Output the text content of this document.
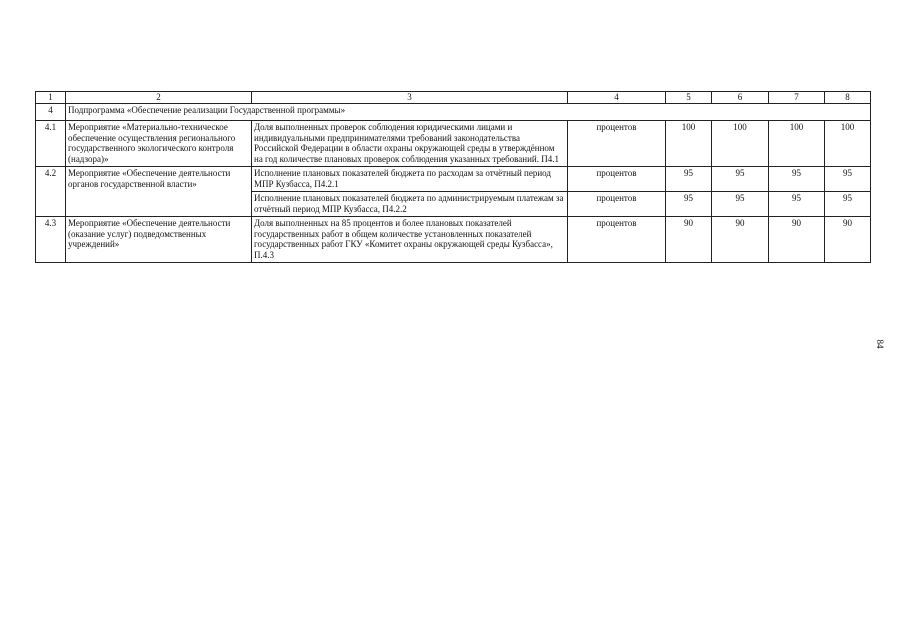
1	2	3	4	5	6	7	8
4	Подпрограмма «Обеспечение реализации Государственной программы»						
4.1	Мероприятие «Материально-техническое обеспечение осуществления регионального государственного экологического контроля (надзора)»	Доля выполненных проверок соблюдения юридическими лицами и индивидуальными предпринимателями требований законодательства Российской Федерации в области охраны окружающей среды в утверждённом на год количестве плановых проверок соблюдения указанных требований. П4.1	процентов	100	100	100	100
4.2	Мероприятие «Обеспечение деятельности органов государственной власти»	Исполнение плановых показателей бюджета по расходам за отчётный период МПР Кузбасса, П4.2.1	процентов	95	95	95	95
		Исполнение плановых показателей бюджета по администрируемым платежам за отчётный период МПР Кузбасса, П4.2.2	процентов	95	95	95	95
4.3	Мероприятие «Обеспечение деятельности (оказание услуг) подведомственных учреждений»	Доля выполненных на 85 процентов и более плановых показателей государственных работ в общем количестве установленных показателей государственных работ ГКУ «Комитет охраны окружающей среды Кузбасса», П.4.3	процентов	90	90	90	90
84
